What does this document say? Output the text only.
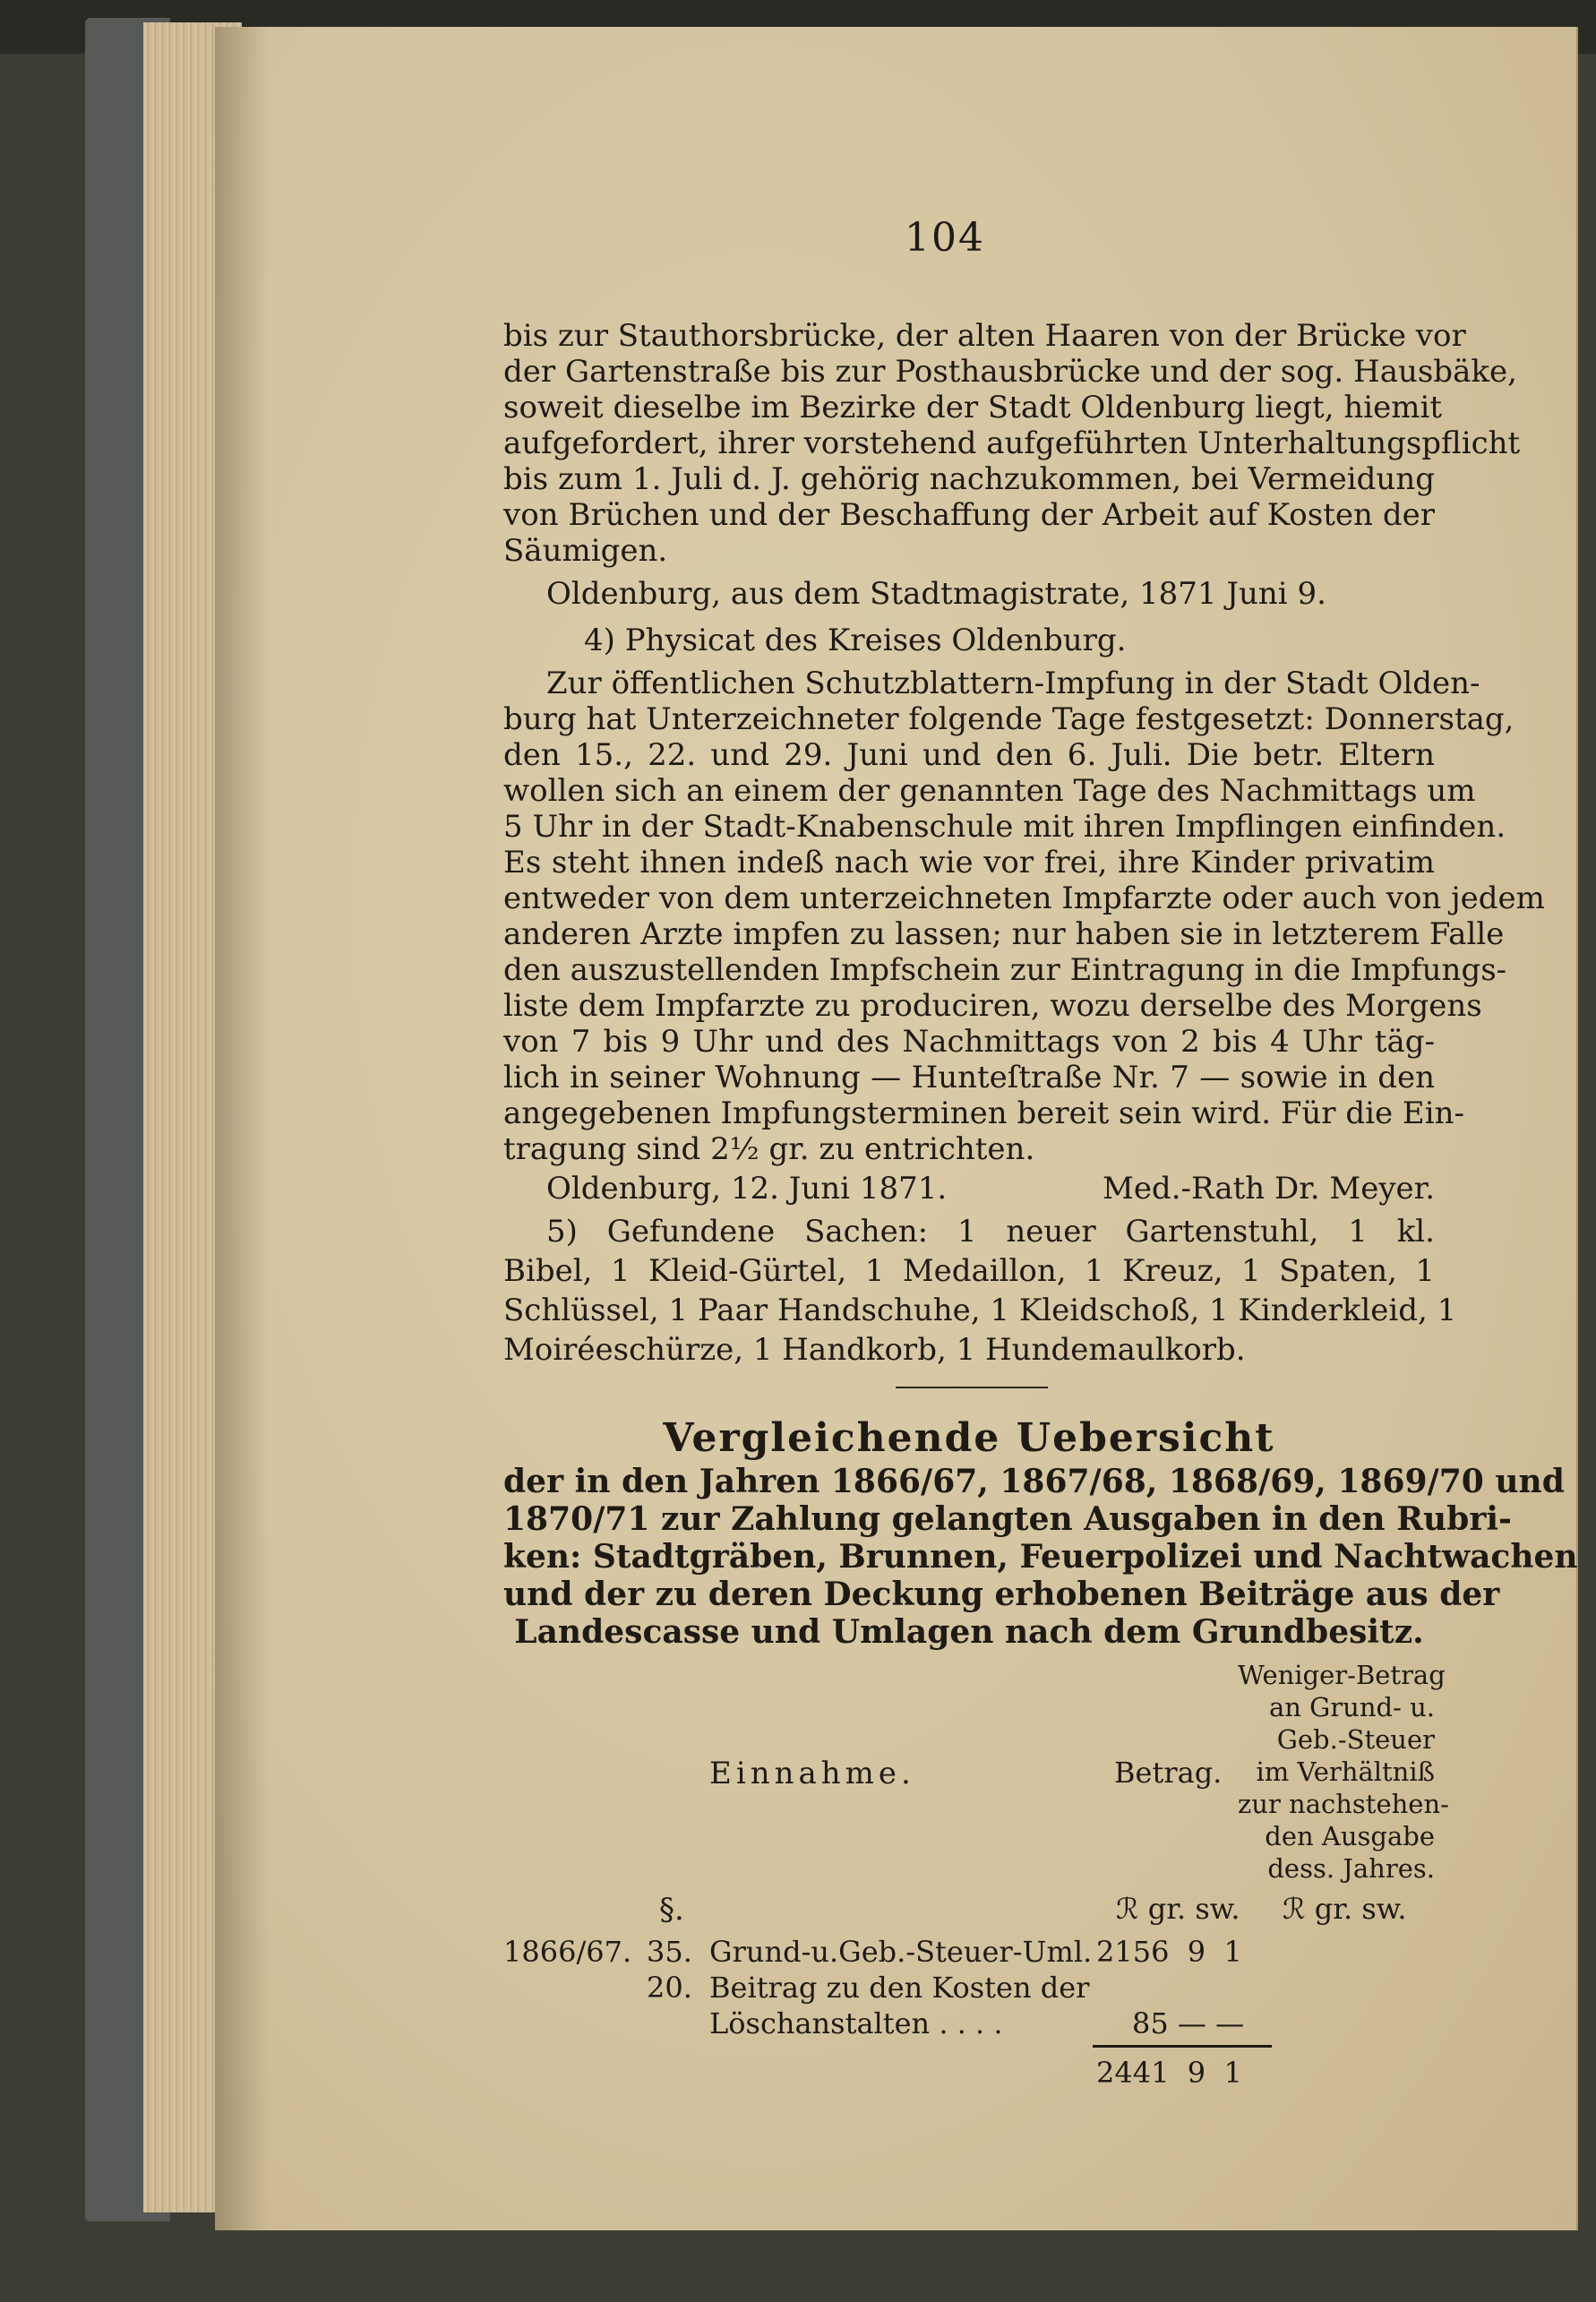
104
bis zur Stauthorsbrücke, der alten Haaren von der Brücke vor
der Gartenstraße bis zur Posthausbrücke und der sog. Hausbäke,
soweit dieselbe im Bezirke der Stadt Oldenburg liegt, hiemit
aufgefordert, ihrer vorstehend aufgeführten Unterhaltungspflicht
bis zum 1. Juli d. J. gehörig nachzukommen, bei Vermeidung
von Brüchen und der Beschaffung der Arbeit auf Kosten der
Säumigen.
Oldenburg, aus dem Stadtmagistrate, 1871 Juni 9.
4) Physicat des Kreises Oldenburg.
Zur öffentlichen Schutzblattern-Impfung in der Stadt Olden-
burg hat Unterzeichneter folgende Tage festgesetzt: Donnerstag,
den 15., 22. und 29. Juni und den 6. Juli. Die betr. Eltern
wollen sich an einem der genannten Tage des Nachmittags um
5 Uhr in der Stadt-Knabenschule mit ihren Impflingen einfinden.
Es steht ihnen indeß nach wie vor frei, ihre Kinder privatim
entweder von dem unterzeichneten Impfarzte oder auch von jedem
anderen Arzte impfen zu lassen; nur haben sie in letzterem Falle
den auszustellenden Impfschein zur Eintragung in die Impfungs-
liste dem Impfarzte zu produciren, wozu derselbe des Morgens
von 7 bis 9 Uhr und des Nachmittags von 2 bis 4 Uhr täg-
lich in seiner Wohnung — Hunteſtraße Nr. 7 — sowie in den
angegebenen Impfungsterminen bereit sein wird. Für die Ein-
tragung sind 2½ gr. zu entrichten.
Oldenburg, 12. Juni 1871.	Med.-Rath Dr. Meyer.
5) Gefundene Sachen: 1 neuer Gartenstuhl, 1 kl.
Bibel, 1 Kleid-Gürtel, 1 Medaillon, 1 Kreuz, 1 Spaten, 1
Schlüssel, 1 Paar Handschuhe, 1 Kleidschoß, 1 Kinderkleid, 1
Moiréeschürze, 1 Handkorb, 1 Hundemaulkorb.
Vergleichende Uebersicht
der in den Jahren 1866/67, 1867/68, 1868/69, 1869/70 und
1870/71 zur Zahlung gelangten Ausgaben in den Rubri-
ken: Stadtgräben, Brunnen, Feuerpolizei und Nachtwachen
und der zu deren Deckung erhobenen Beiträge aus der
Landescasse und Umlagen nach dem Grundbesitz.
Weniger-Betrag
an Grund- u.
Geb.-Steuer
im Verhältniß
zur nachstehen-
den Ausgabe
dess. Jahres.
Einnahme.	Betrag.
§.	ℛ gr. sw. ℛ gr. sw.
1866/67. 35. Grund-u.Geb.-Steuer-Uml. 2156  9  1
20. Beitrag zu den Kosten der
Löschanstalten . . . .	85 — —
2441  9  1
